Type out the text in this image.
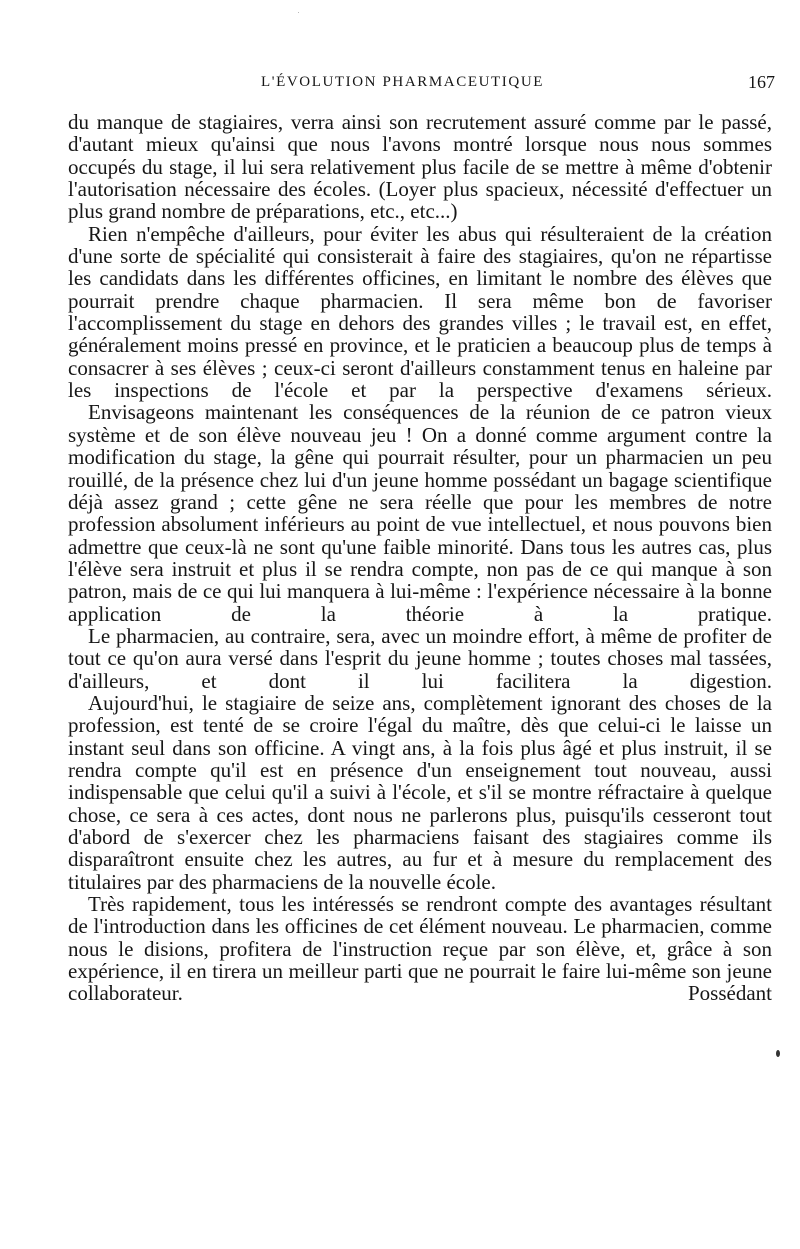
L'ÉVOLUTION PHARMACEUTIQUE	167

du manque de stagiaires, verra ainsi son recrutement assuré comme par le passé, d'autant mieux qu'ainsi que nous l'avons montré lorsque nous nous sommes occupés du stage, il lui sera relativement plus facile de se mettre à même d'obtenir l'autorisation nécessaire des écoles. (Loyer plus spacieux, nécessité d'effectuer un plus grand nombre de préparations, etc., etc...)

Rien n'empêche d'ailleurs, pour éviter les abus qui résulteraient de la création d'une sorte de spécialité qui consisterait à faire des stagiaires, qu'on ne répartisse les candidats dans les différentes officines, en limitant le nombre des élèves que pourrait prendre chaque pharmacien. Il sera même bon de favoriser l'accomplissement du stage en dehors des grandes villes ; le travail est, en effet, généralement moins pressé en province, et le praticien a beaucoup plus de temps à consacrer à ses élèves ; ceux-ci seront d'ailleurs constamment tenus en haleine par les inspections de l'école et par la perspective d'examens sérieux.

Envisageons maintenant les conséquences de la réunion de ce patron vieux système et de son élève nouveau jeu ! On a donné comme argument contre la modification du stage, la gêne qui pourrait résulter, pour un pharmacien un peu rouillé, de la présence chez lui d'un jeune homme possédant un bagage scientifique déjà assez grand ; cette gêne ne sera réelle que pour les membres de notre profession absolument inférieurs au point de vue intellectuel, et nous pouvons bien admettre que ceux-là ne sont qu'une faible minorité. Dans tous les autres cas, plus l'élève sera instruit et plus il se rendra compte, non pas de ce qui manque à son patron, mais de ce qui lui manquera à lui-même : l'expérience nécessaire à la bonne application de la théorie à la pratique.

Le pharmacien, au contraire, sera, avec un moindre effort, à même de profiter de tout ce qu'on aura versé dans l'esprit du jeune homme ; toutes choses mal tassées, d'ailleurs, et dont il lui facilitera la digestion.

Aujourd'hui, le stagiaire de seize ans, complètement ignorant des choses de la profession, est tenté de se croire l'égal du maître, dès que celui-ci le laisse un instant seul dans son officine. A vingt ans, à la fois plus âgé et plus instruit, il se rendra compte qu'il est en présence d'un enseignement tout nouveau, aussi indispensable que celui qu'il a suivi à l'école, et s'il se montre réfractaire à quelque chose, ce sera à ces actes, dont nous ne parlerons plus, puisqu'ils cesseront tout d'abord de s'exercer chez les pharmaciens faisant des stagiaires comme ils disparaîtront ensuite chez les autres, au fur et à mesure du remplacement des titulaires par des pharmaciens de la nouvelle école.

Très rapidement, tous les intéressés se rendront compte des avantages résultant de l'introduction dans les officines de cet élément nouveau. Le pharmacien, comme nous le disions, profitera de l'instruction reçue par son élève, et, grâce à son expérience, il en tirera un meilleur parti que ne pourrait le faire lui-même son jeune collaborateur. Possédant
